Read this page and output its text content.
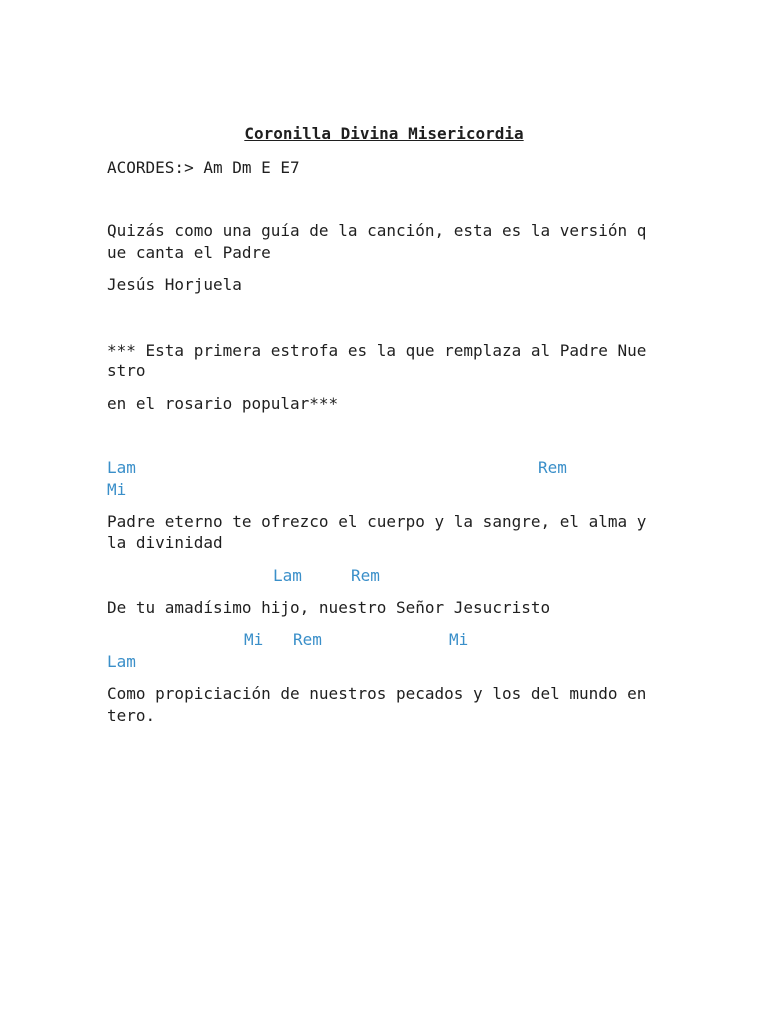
Coronilla Divina Misericordia
ACORDES:> Am Dm E E7
Quizás como una guía de la canción, esta es la versión q
ue canta el Padre
Jesús Horjuela
*** Esta primera estrofa es la que remplaza al Padre Nue
stro
en el rosario popular***
Lam	Rem
Mi
Padre eterno te ofrezco el cuerpo y la sangre, el alma y
la divinidad
Lam	Rem
De tu amadísimo hijo, nuestro Señor Jesucristo
Mi Rem	Mi
Lam
Como propiciación de nuestros pecados y los del mundo en
tero.
